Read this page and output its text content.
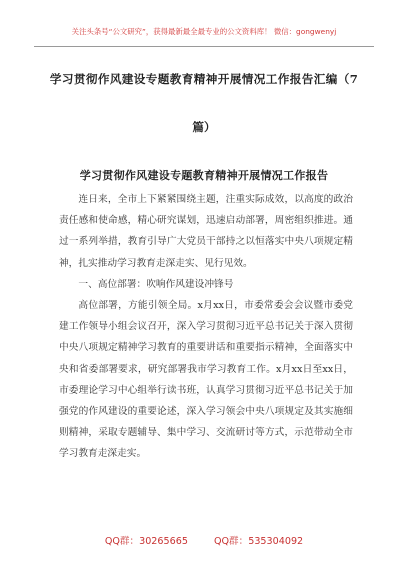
关注头条号“公文研究”，获得最新最全最专业的公文资料库！ 微信：gongwenyj
学习贯彻作风建设专题教育精神开展情况工作报告汇编（7
篇）
学习贯彻作风建设专题教育精神开展情况工作报告

连日来，全市上下紧紧围绕主题，注重实际成效，以高度的政治责任感和使命感，精心研究谋划，迅速启动部署，周密组织推进。通过一系列举措，教育引导广大党员干部持之以恒落实中央八项规定精神，扎实推动学习教育走深走实、见行见效。

一、高位部署：吹响作风建设冲锋号

高位部署，方能引领全局。x月xx日，市委常委会会议暨市委党建工作领导小组会议召开，深入学习贯彻习近平总书记关于深入贯彻中央八项规定精神学习教育的重要讲话和重要指示精神，全面落实中央和省委部署要求，研究部署我市学习教育工作。x月xx日至xx日，市委理论学习中心组举行读书班，认真学习贯彻习近平总书记关于加强党的作风建设的重要论述，深入学习领会中央八项规定及其实施细则精神，采取专题辅导、集中学习、交流研讨等方式，示范带动全市学习教育走深走实。

QQ群：30265665	QQ群：535304092
